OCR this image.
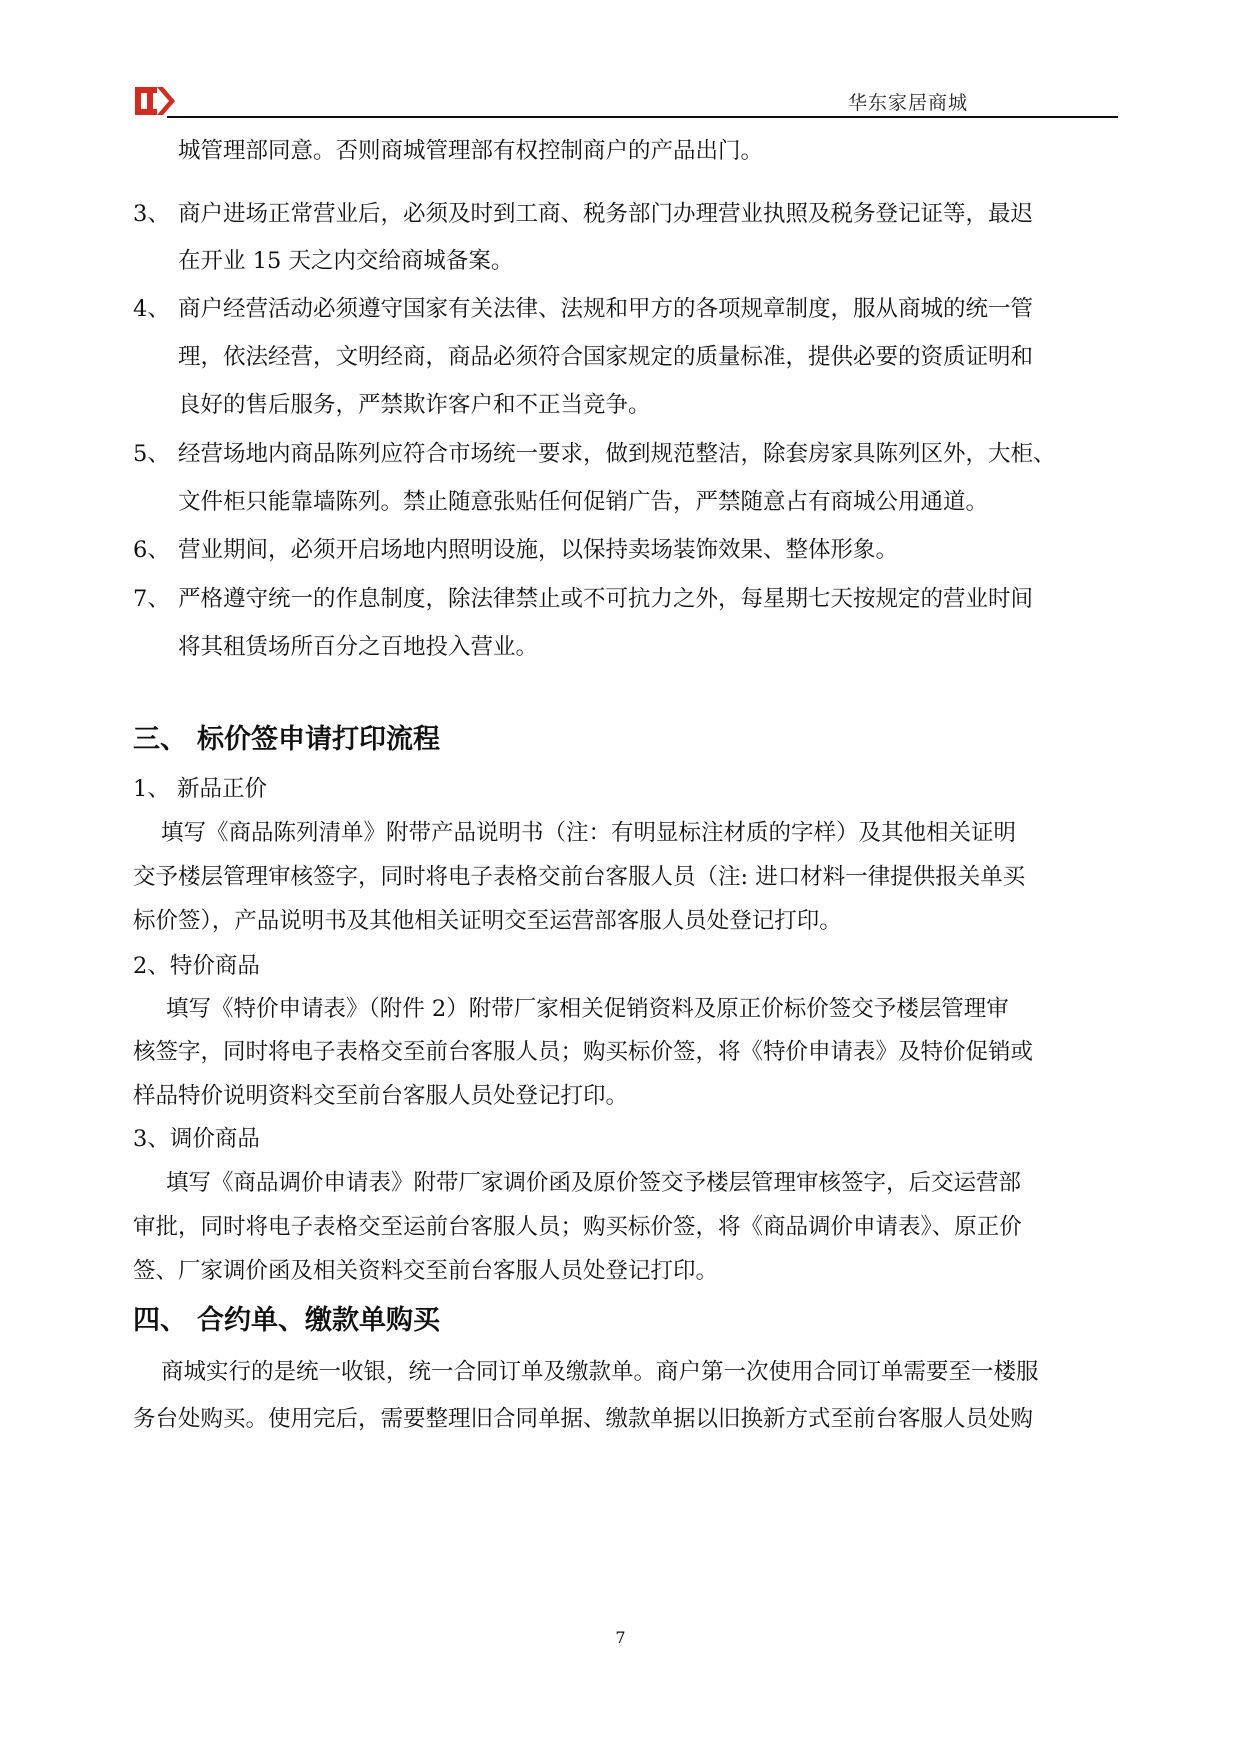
华东家居商城
城管理部同意。否则商城管理部有权控制商户的产品出门。
3、 商户进场正常营业后，必须及时到工商、税务部门办理营业执照及税务登记证等，最迟
在开业 15 天之内交给商城备案。
4、 商户经营活动必须遵守国家有关法律、法规和甲方的各项规章制度，服从商城的统一管
理，依法经营，文明经商，商品必须符合国家规定的质量标准，提供必要的资质证明和
良好的售后服务，严禁欺诈客户和不正当竞争。
5、 经营场地内商品陈列应符合市场统一要求，做到规范整洁，除套房家具陈列区外，大柜、
文件柜只能靠墙陈列。禁止随意张贴任何促销广告，严禁随意占有商城公用通道。
6、 营业期间，必须开启场地内照明设施，以保持卖场装饰效果、整体形象。
7、 严格遵守统一的作息制度，除法律禁止或不可抗力之外，每星期七天按规定的营业时间
将其租赁场所百分之百地投入营业。
三、 标价签申请打印流程
1、 新品正价
填写《商品陈列清单》附带产品说明书（注：有明显标注材质的字样）及其他相关证明
交予楼层管理审核签字，同时将电子表格交前台客服人员（注: 进口材料一律提供报关单买
标价签），产品说明书及其他相关证明交至运营部客服人员处登记打印。
2、特价商品
填写《特价申请表》（附件 2）附带厂家相关促销资料及原正价标价签交予楼层管理审
核签字，同时将电子表格交至前台客服人员；购买标价签，将《特价申请表》及特价促销或
样品特价说明资料交至前台客服人员处登记打印。
3、调价商品
填写《商品调价申请表》附带厂家调价函及原价签交予楼层管理审核签字，后交运营部
审批，同时将电子表格交至运前台客服人员；购买标价签，将《商品调价申请表》、原正价
签、厂家调价函及相关资料交至前台客服人员处登记打印。
四、 合约单、缴款单购买
商城实行的是统一收银，统一合同订单及缴款单。商户第一次使用合同订单需要至一楼服
务台处购买。使用完后，需要整理旧合同单据、缴款单据以旧换新方式至前台客服人员处购
7
